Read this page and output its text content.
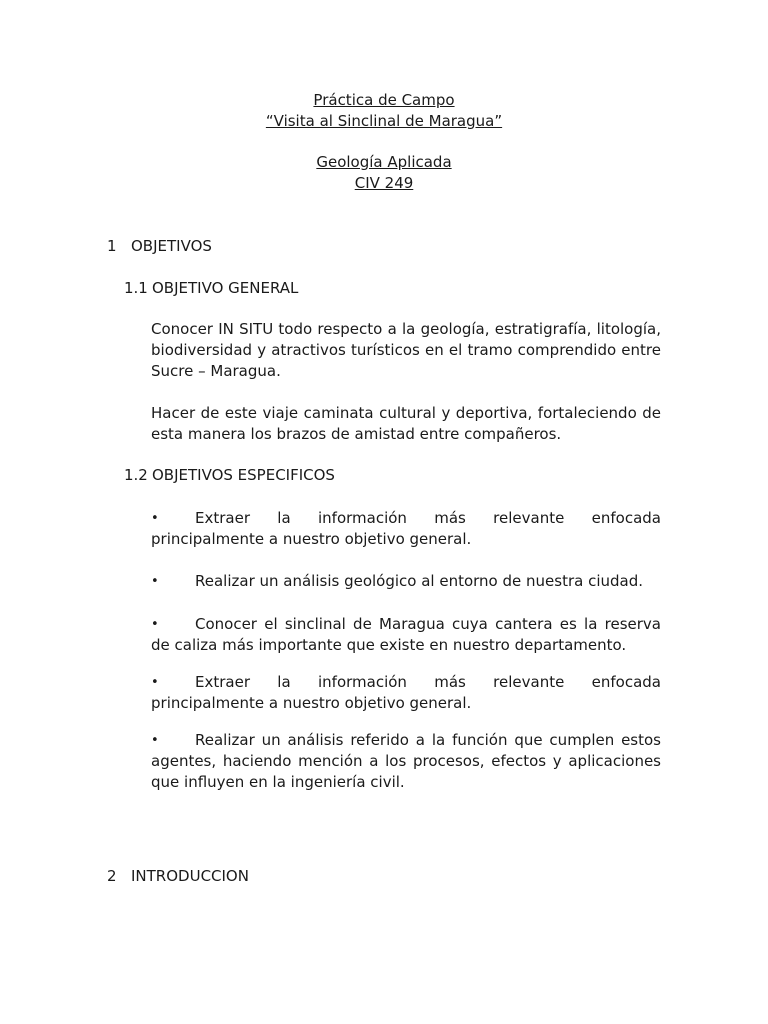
Práctica de Campo
“Visita al Sinclinal de Maragua”
Geología Aplicada
CIV 249
1 OBJETIVOS
1.1 OBJETIVO GENERAL
Conocer IN SITU todo respecto a la geología, estratigrafía, litología, biodiversidad y atractivos turísticos en el tramo comprendido entre Sucre – Maragua.
Hacer de este viaje caminata cultural y deportiva, fortaleciendo de esta manera los brazos de amistad entre compañeros.
1.2 OBJETIVOS ESPECIFICOS
• Extraer la información más relevante enfocada principalmente a nuestro objetivo general.
• Realizar un análisis geológico al entorno de nuestra ciudad.
• Conocer el sinclinal de Maragua cuya cantera es la reserva de caliza más importante que existe en nuestro departamento.
• Extraer la información más relevante enfocada principalmente a nuestro objetivo general.
• Realizar un análisis referido a la función que cumplen estos agentes, haciendo mención a los procesos, efectos y aplicaciones que influyen en la ingeniería civil.
2 INTRODUCCION
